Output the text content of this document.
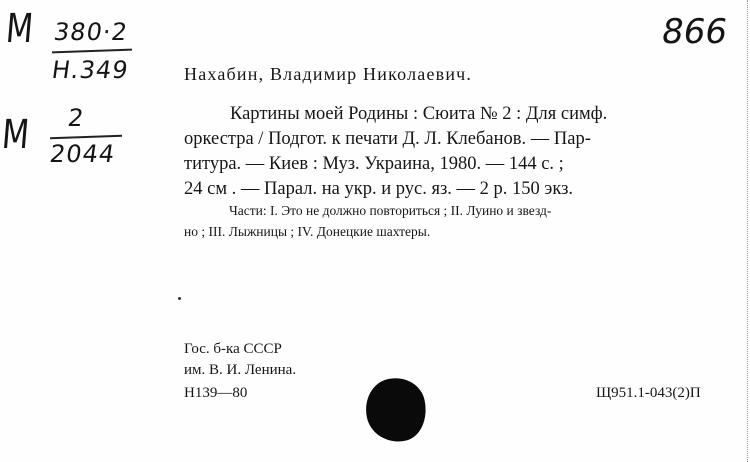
М 380·2
Н.349
М 2
2044
866
Нахабин, Владимир Николаевич.
Картины моей Родины : Сюита № 2 : Для симф.
оркестра / Подгот. к печати Д. Л. Клебанов. — Пар-
титура. — Киев : Муз. Украина, 1980. — 144 с. ;
24 см . — Парал. на укр. и рус. яз. — 2 р. 150 экз.
Части: I. Это не должно повториться ; II. Луино и звезд-
но ; III. Лыжницы ; IV. Донецкие шахтеры.
Гос. б-ка СССР
им. В. И. Ленина.
Н139—80	Щ951.1-043(2)П
